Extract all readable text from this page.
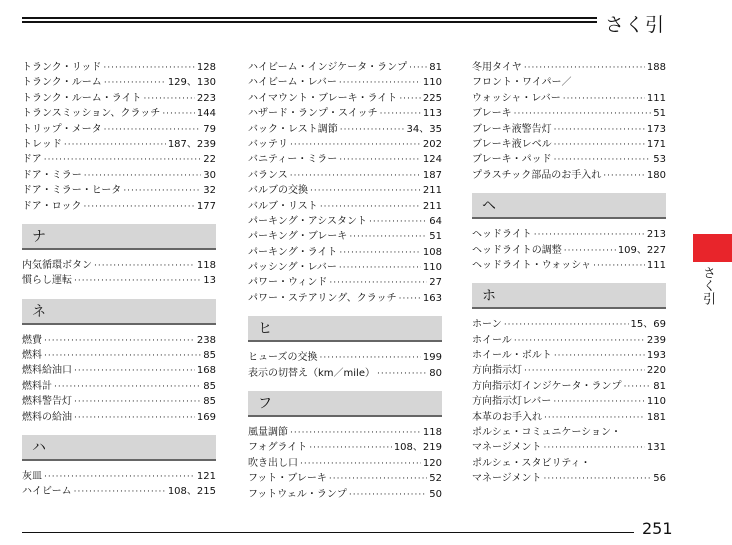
さく引
トランク・リッド ·····	128
トランク・ルーム ·····	129、130
トランク・ルーム・ライト ·····	223
トランスミッション、クラッチ ·····	144
トリップ・メータ ·····	79
トレッド ·····	187、239
ドア ·····	22
ドア・ミラー ·····	30
ドア・ミラー・ヒータ ·····	32
ドア・ロック ·····	177
ナ
内気循環ボタン ·····	118
慣らし運転 ·····	13
ネ
燃費 ·····	238
燃料 ·····	85
燃料給油口 ·····	168
燃料計 ·····	85
燃料警告灯 ·····	85
燃料の給油 ·····	169
ハ
灰皿 ·····	121
ハイビーム ·····	108、215
ハイビーム・インジケータ・ランプ ····· 81
ハイビーム・レバー ·····	110
ハイマウント・ブレーキ・ライト ·····	225
ハザード・ランプ・スイッチ ·····	113
バック・レスト調節 ·····	34、35
バッテリ ·····	202
バニティー・ミラー ·····	124
バランス ·····	187
バルブの交換 ·····	211
バルブ・リスト ·····	211
パーキング・アシスタント ·····	64
パーキング・ブレーキ ·····	51
パーキング・ライト ·····	108
パッシング・レバー ·····	110
パワー・ウィンド ·····	27
パワー・ステアリング、クラッチ ·····	163
ヒ
ヒューズの交換 ·····	199
表示の切替え（km／mile） ·····	80
フ
風量調節 ·····	118
フォグライト ·····	108、219
吹き出し口 ·····	120
フット・ブレーキ ·····	52
フットウェル・ランプ ·····	50
冬用タイヤ ·····	188
フロント・ワイパー／
ウォッシャ・レバー ·····	111
ブレーキ ·····	51
ブレーキ液警告灯 ·····	173
ブレーキ液レベル ·····	171
ブレーキ・パッド ·····	53
プラスチック部品のお手入れ ·····	180
ヘ
ヘッドライト ·····	213
ヘッドライトの調整 ·····	109、227
ヘッドライト・ウォッシャ ·····	111
ホ
ホーン ·····	15、69
ホイール ·····	239
ホイール・ボルト ·····	193
方向指示灯 ·····	220
方向指示灯インジケータ・ランプ ·····	81
方向指示灯レバー ·····	110
本革のお手入れ ·····	181
ポルシェ・コミュニケーション・
マネージメント ·····	131
ポルシェ・スタビリティ・
マネージメント ·····	56
さく引
251
